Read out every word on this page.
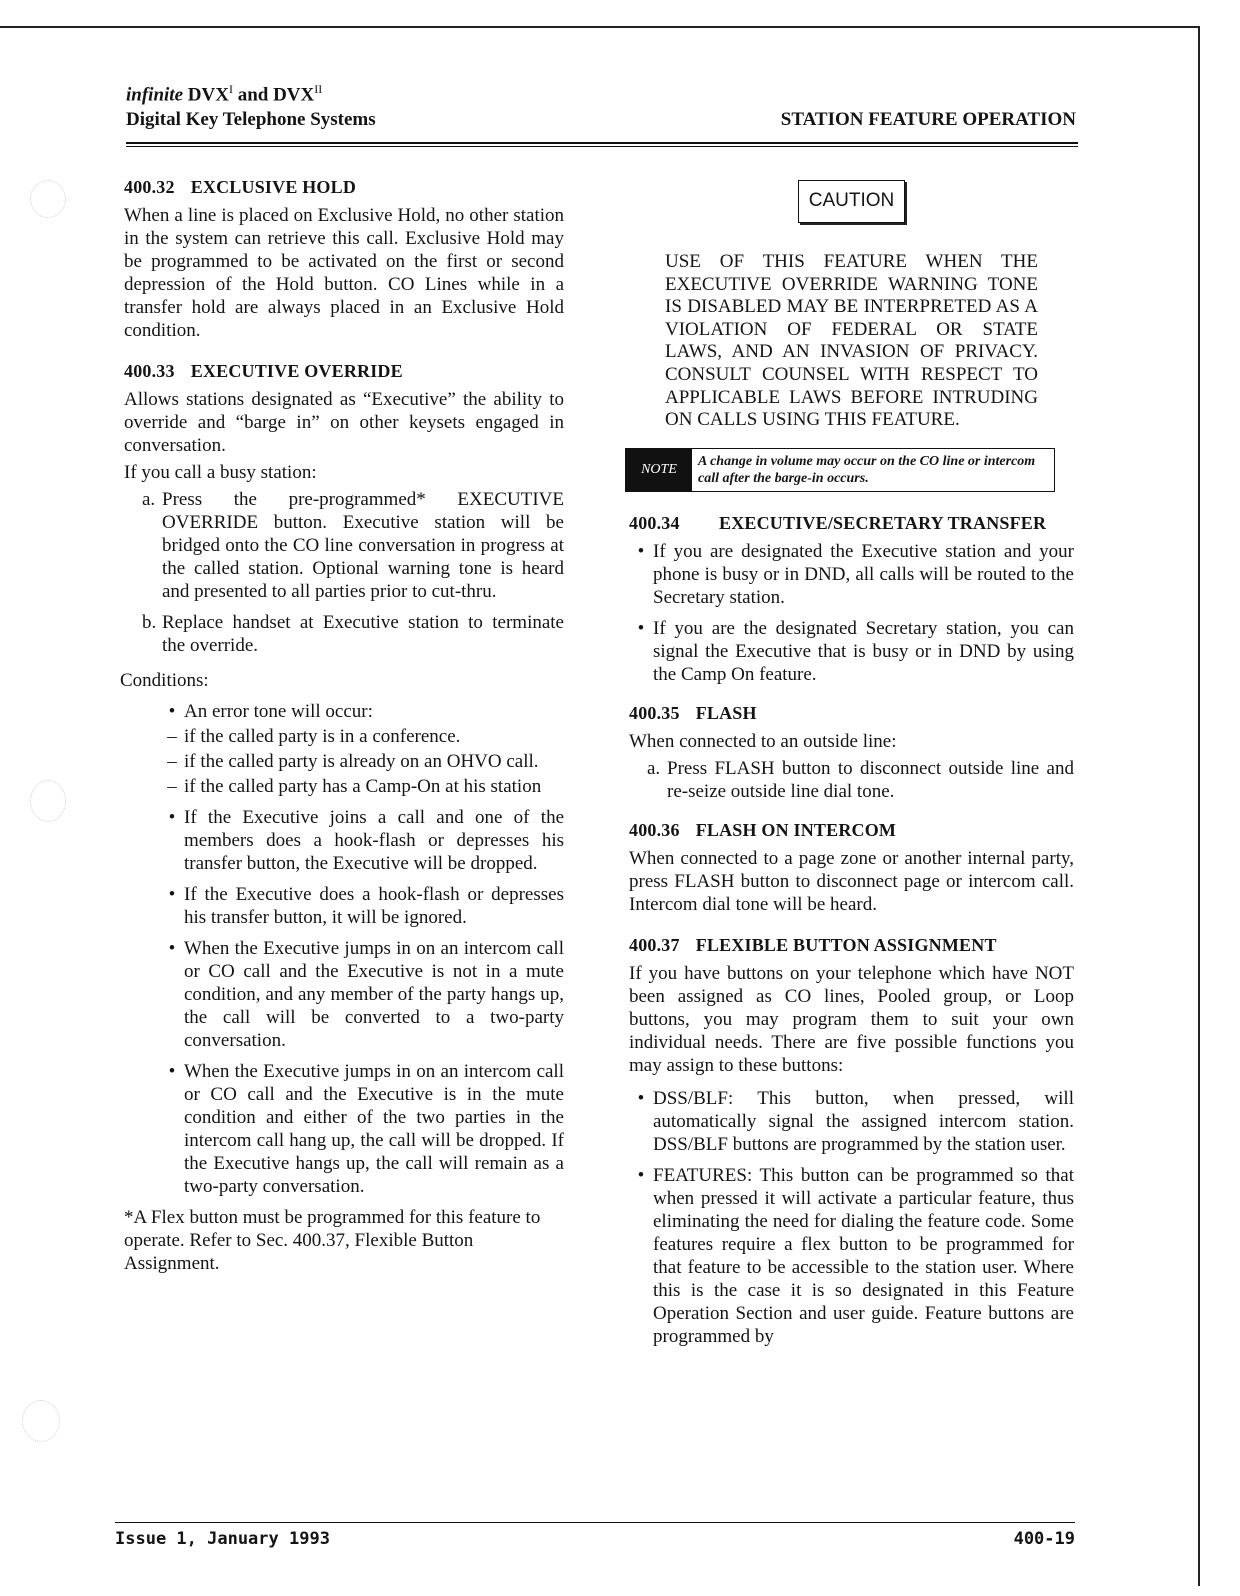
infinite $DVX^I$ and $DVX^{II}$
Digital Key Telephone Systems	STATION FEATURE OPERATION
400.32 EXCLUSIVE HOLD

When a line is placed on Exclusive Hold, no other station in the system can retrieve this call. Exclusive Hold may be programmed to be activated on the first or second depression of the Hold button. CO Lines while in a transfer hold are always placed in an Exclusive Hold condition.

400.33 EXECUTIVE OVERRIDE

Allows stations designated as “Executive” the ability to override and “barge in” on other keysets engaged in conversation.

If you call a busy station:

a. Press the pre-programmed* EXECUTIVE OVERRIDE button. Executive station will be bridged onto the CO line conversation in progress at the called station. Optional warning tone is heard and presented to all parties prior to cut-thru.
b. Replace handset at Executive station to terminate the override.

Conditions:

• An error tone will occur:
– if the called party is in a conference.
– if the called party is already on an OHVO call.
– if the called party has a Camp-On at his station
• If the Executive joins a call and one of the members does a hook-flash or depresses his transfer button, the Executive will be dropped.
• If the Executive does a hook-flash or depresses his transfer button, it will be ignored.
• When the Executive jumps in on an intercom call or CO call and the Executive is not in a mute condition, and any member of the party hangs up, the call will be converted to a two-party conversation.
• When the Executive jumps in on an intercom call or CO call and the Executive is in the mute condition and either of the two parties in the intercom call hang up, the call will be dropped. If the Executive hangs up, the call will remain as a two-party conversation.

*A Flex button must be programmed for this feature to operate. Refer to Sec. 400.37, Flexible Button Assignment.

CAUTION

USE OF THIS FEATURE WHEN THE EXECUTIVE OVERRIDE WARNING TONE IS DISABLED MAY BE INTERPRETED AS A VIOLATION OF FEDERAL OR STATE LAWS, AND AN INVASION OF PRIVACY. CONSULT COUNSEL WITH RESPECT TO APPLICABLE LAWS BEFORE INTRUDING ON CALLS USING THIS FEATURE.

NOTE
A change in volume may occur on the CO line or intercom call after the barge-in occurs.
400.34	EXECUTIVE/SECRETARY TRANSFER
• If you are designated the Executive station and your phone is busy or in DND, all calls will be routed to the Secretary station.
• If you are the designated Secretary station, you can signal the Executive that is busy or in DND by using the Camp On feature.
400.35 FLASH

When connected to an outside line:

a. Press FLASH button to disconnect outside line and re-seize outside line dial tone.
400.36 FLASH ON INTERCOM

When connected to a page zone or another internal party, press FLASH button to disconnect page or intercom call. Intercom dial tone will be heard.

400.37 FLEXIBLE BUTTON ASSIGNMENT

If you have buttons on your telephone which have NOT been assigned as CO lines, Pooled group, or Loop buttons, you may program them to suit your own individual needs. There are five possible functions you may assign to these buttons:

• DSS/BLF: This button, when pressed, will automatically signal the assigned intercom station. DSS/BLF buttons are programmed by the station user.
• FEATURES: This button can be programmed so that when pressed it will activate a particular feature, thus eliminating the need for dialing the feature code. Some features require a flex button to be programmed for that feature to be accessible to the station user. Where this is the case it is so designated in this Feature Operation Section and user guide. Feature buttons are programmed by
Issue 1, January 1993	400-19
